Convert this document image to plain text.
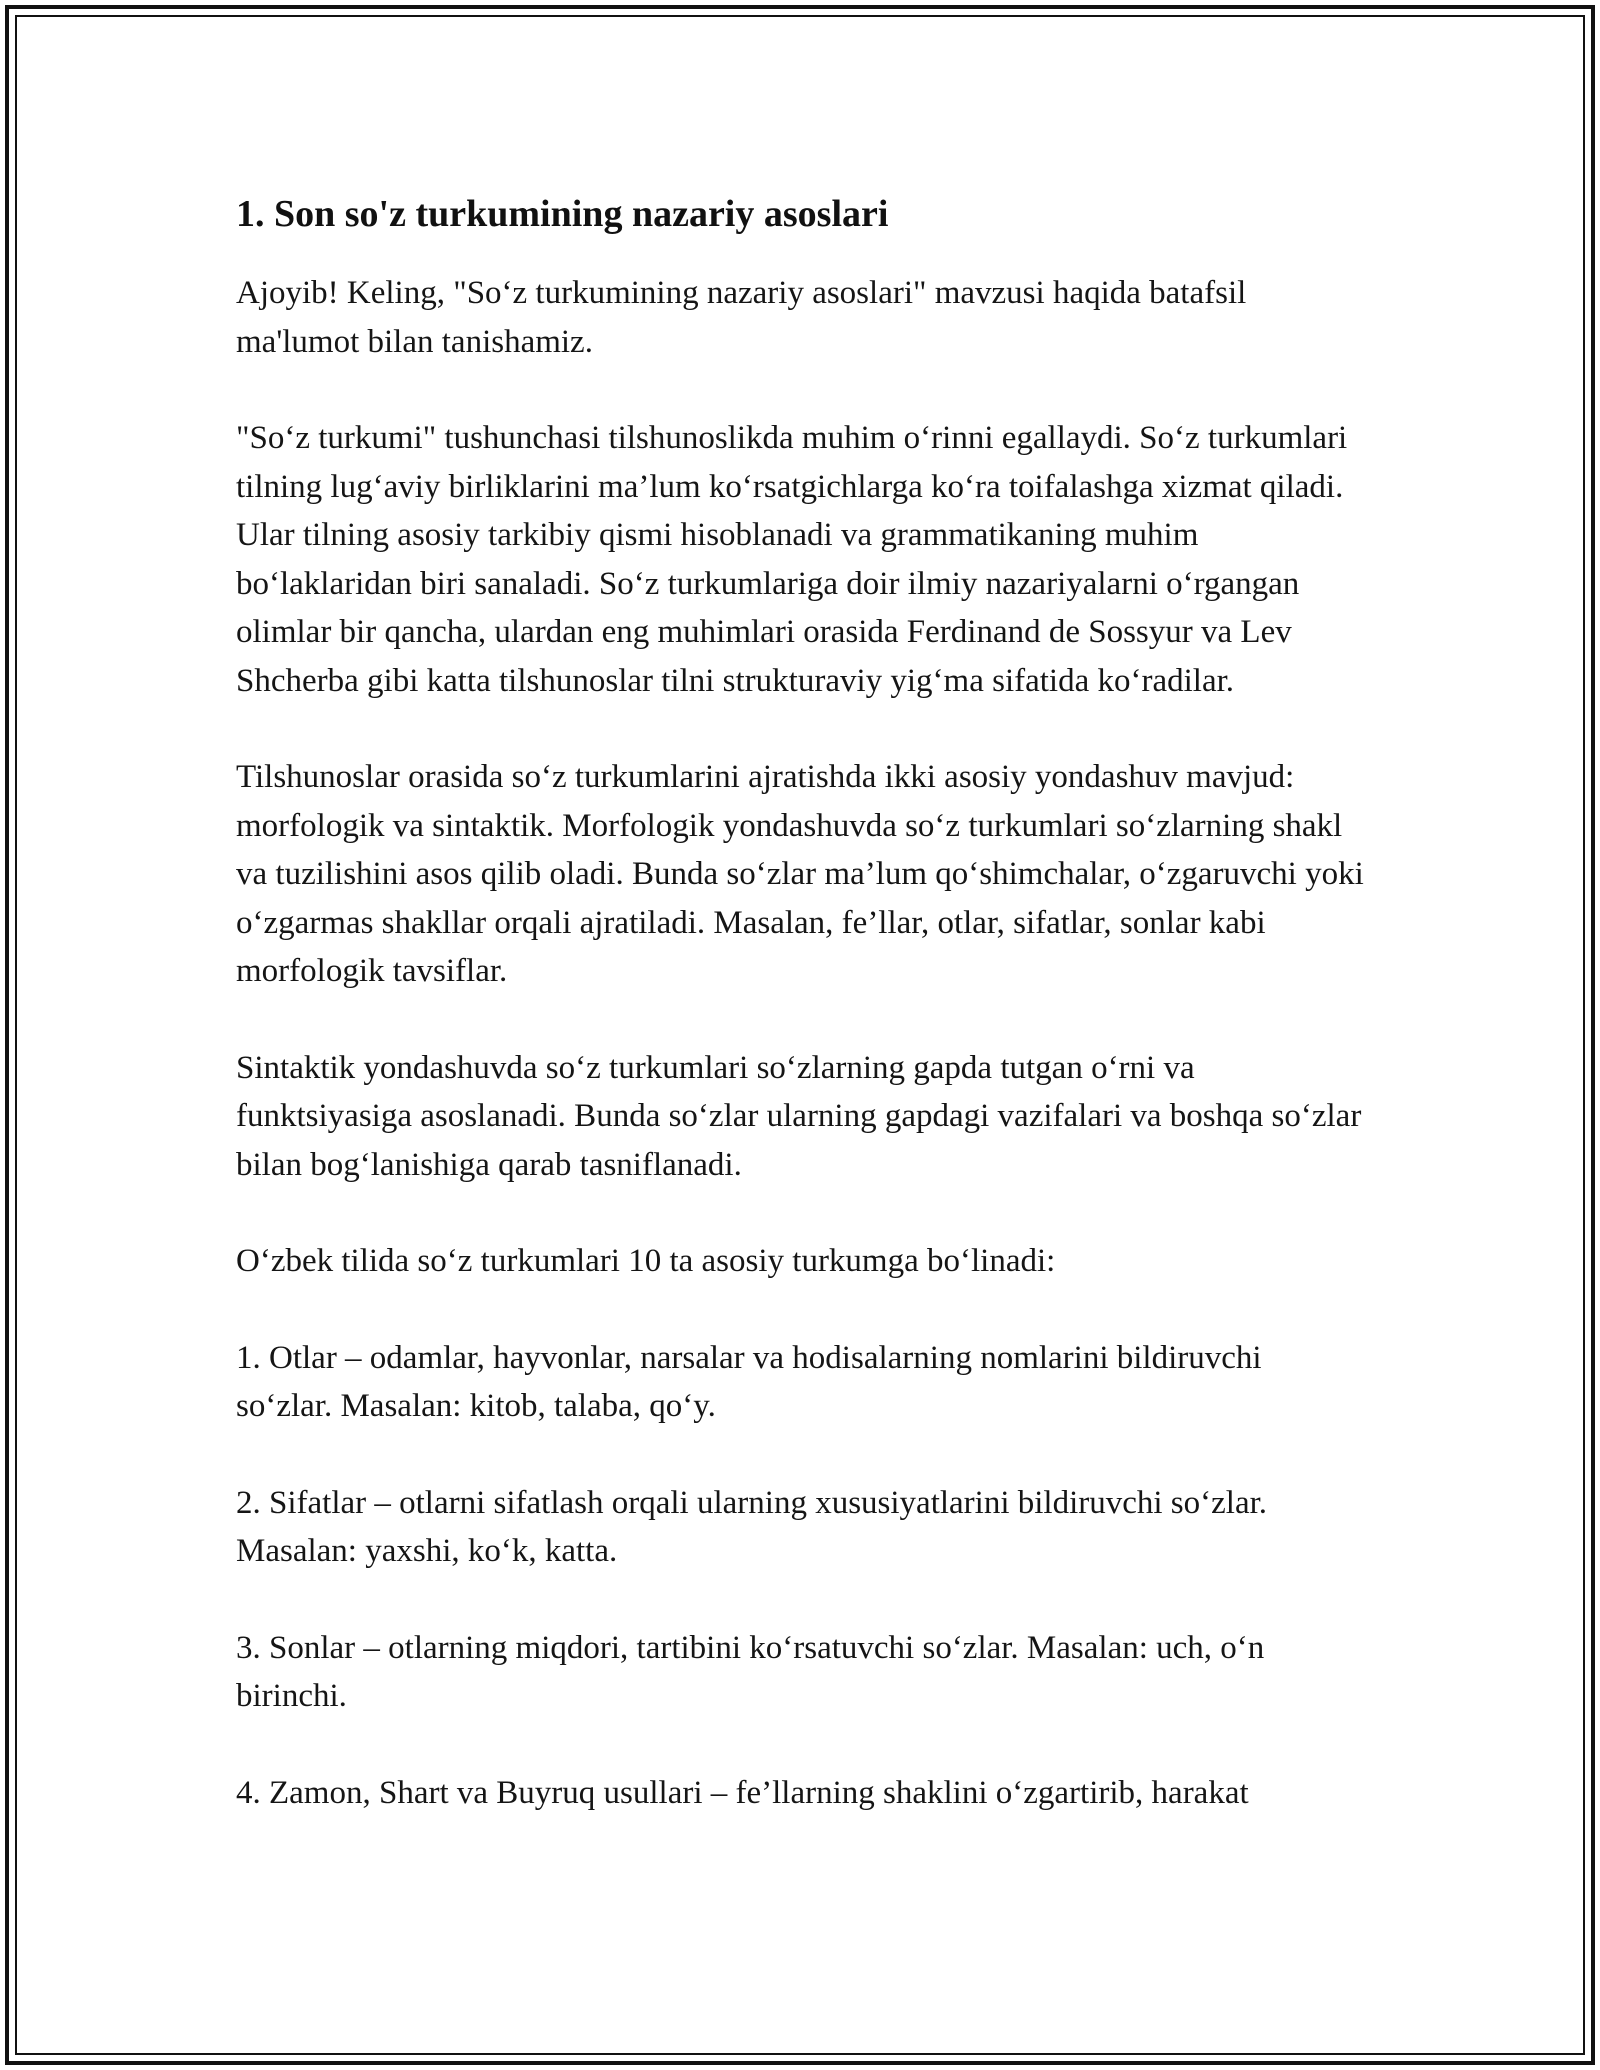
1. Son so'z turkumining nazariy asoslari

Ajoyib! Keling, "So‘z turkumining nazariy asoslari" mavzusi haqida batafsil ma'lumot bilan tanishamiz.

"So‘z turkumi" tushunchasi tilshunoslikda muhim o‘rinni egallaydi. So‘z turkumlari tilning lug‘aviy birliklarini ma’lum ko‘rsatgichlarga ko‘ra toifalashga xizmat qiladi. Ular tilning asosiy tarkibiy qismi hisoblanadi va grammatikaning muhim bo‘laklaridan biri sanaladi. So‘z turkumlariga doir ilmiy nazariyalarni o‘rgangan olimlar bir qancha, ulardan eng muhimlari orasida Ferdinand de Sossyur va Lev Shcherba gibi katta tilshunoslar tilni strukturaviy yig‘ma sifatida ko‘radilar.

Tilshunoslar orasida so‘z turkumlarini ajratishda ikki asosiy yondashuv mavjud: morfologik va sintaktik. Morfologik yondashuvda so‘z turkumlari so‘zlarning shakl va tuzilishini asos qilib oladi. Bunda so‘zlar ma’lum qo‘shimchalar, o‘zgaruvchi yoki o‘zgarmas shakllar orqali ajratiladi. Masalan, fe’llar, otlar, sifatlar, sonlar kabi morfologik tavsiflar.

Sintaktik yondashuvda so‘z turkumlari so‘zlarning gapda tutgan o‘rni va funktsiyasiga asoslanadi. Bunda so‘zlar ularning gapdagi vazifalari va boshqa so‘zlar bilan bog‘lanishiga qarab tasniflanadi.

O‘zbek tilida so‘z turkumlari 10 ta asosiy turkumga bo‘linadi:

1. Otlar – odamlar, hayvonlar, narsalar va hodisalarning nomlarini bildiruvchi so‘zlar. Masalan: kitob, talaba, qo‘y.

2. Sifatlar – otlarni sifatlash orqali ularning xususiyatlarini bildiruvchi so‘zlar. Masalan: yaxshi, ko‘k, katta.

3. Sonlar – otlarning miqdori, tartibini ko‘rsatuvchi so‘zlar. Masalan: uch, o‘n birinchi.

4. Zamon, Shart va Buyruq usullari – fe’llarning shaklini o‘zgartirib, harakat
